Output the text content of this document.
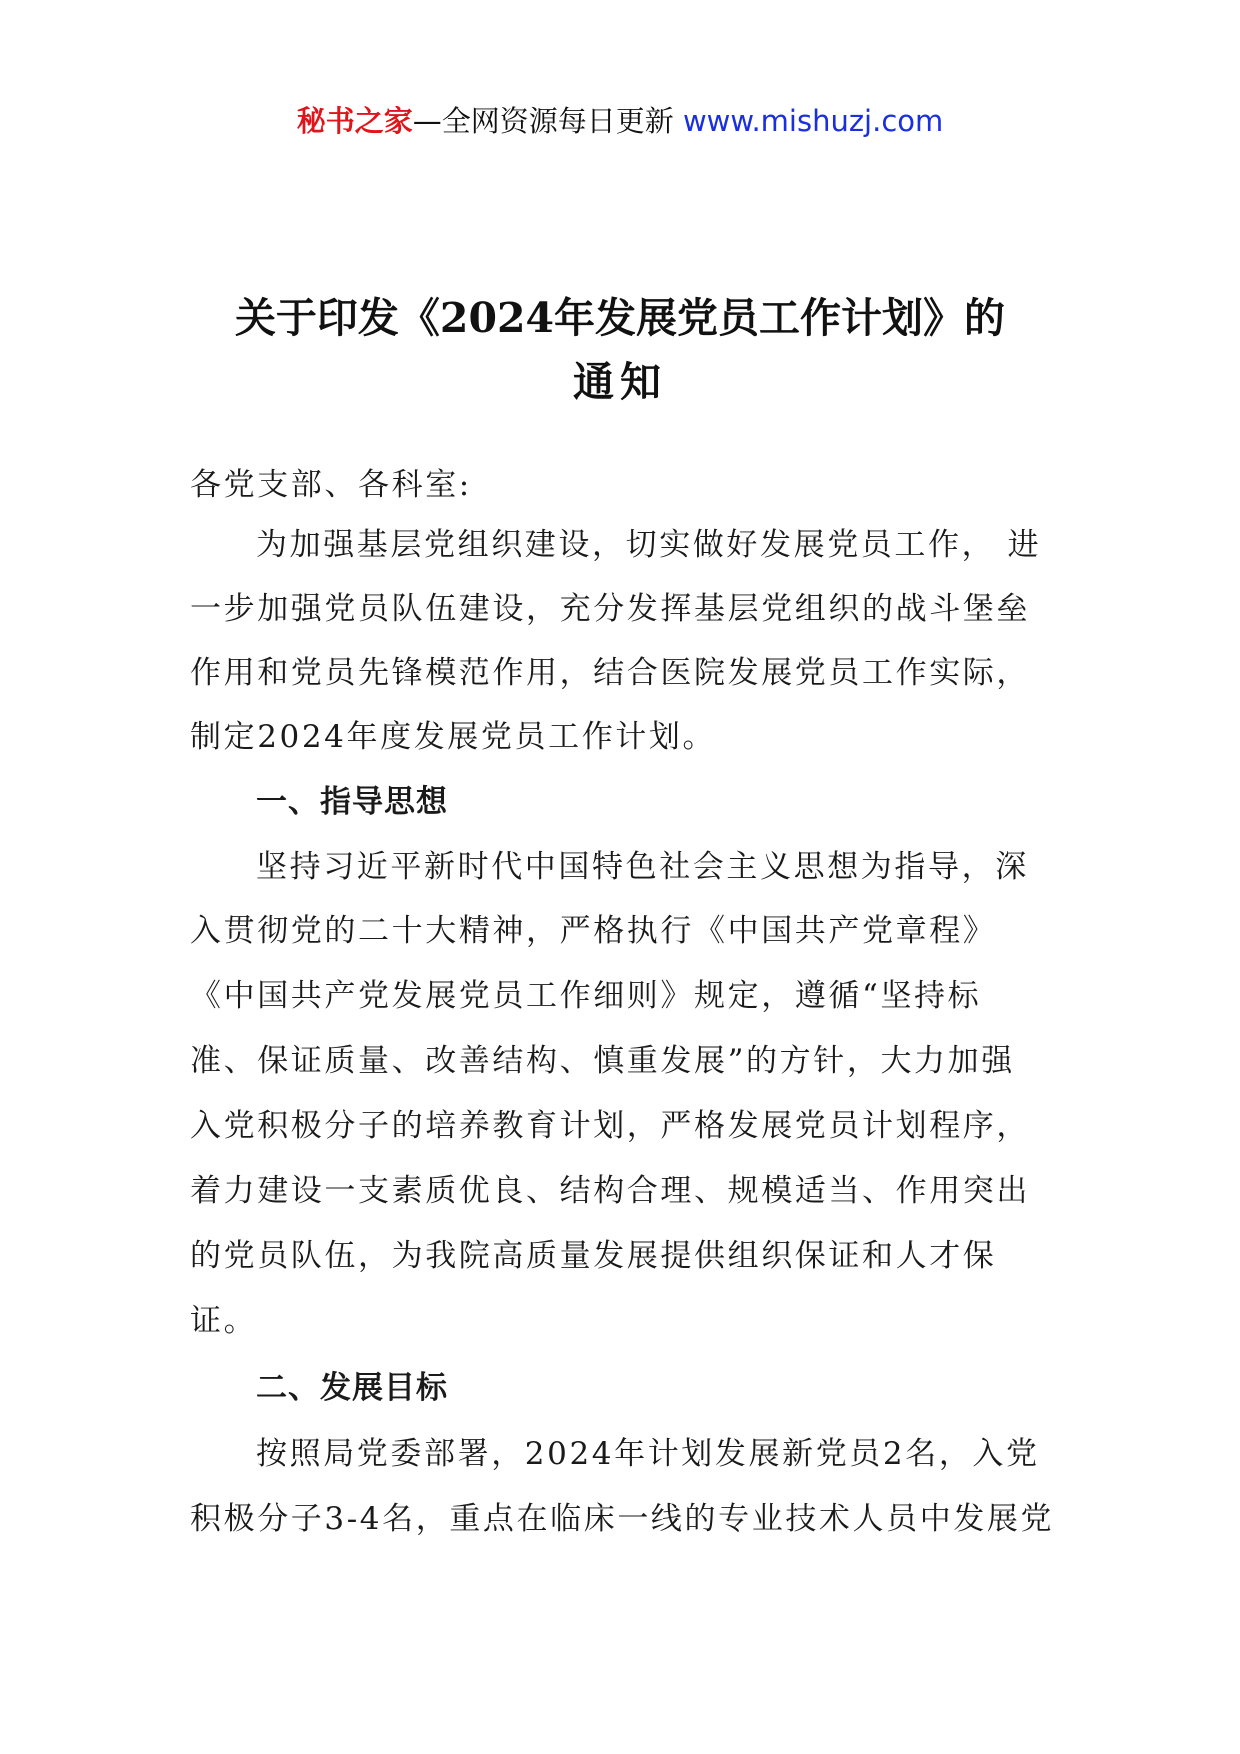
秘书之家—全网资源每日更新 www.mishuzj.com
关于印发《2024年发展党员工作计划》的
通知
各党支部、各科室:
为加强基层党组织建设，切实做好发展党员工作， 进
一步加强党员队伍建设，充分发挥基层党组织的战斗堡垒
作用和党员先锋模范作用，结合医院发展党员工作实际，
制定2024年度发展党员工作计划。
一、指导思想
坚持习近平新时代中国特色社会主义思想为指导，深
入贯彻党的二十大精神，严格执行《中国共产党章程》
《中国共产党发展党员工作细则》规定，遵循“坚持标
准、保证质量、改善结构、慎重发展”的方针，大力加强
入党积极分子的培养教育计划，严格发展党员计划程序，
着力建设一支素质优良、结构合理、规模适当、作用突出
的党员队伍，为我院高质量发展提供组织保证和人才保
证。
二、发展目标
按照局党委部署，2024年计划发展新党员2名，入党
积极分子3-4名，重点在临床一线的专业技术人员中发展党
